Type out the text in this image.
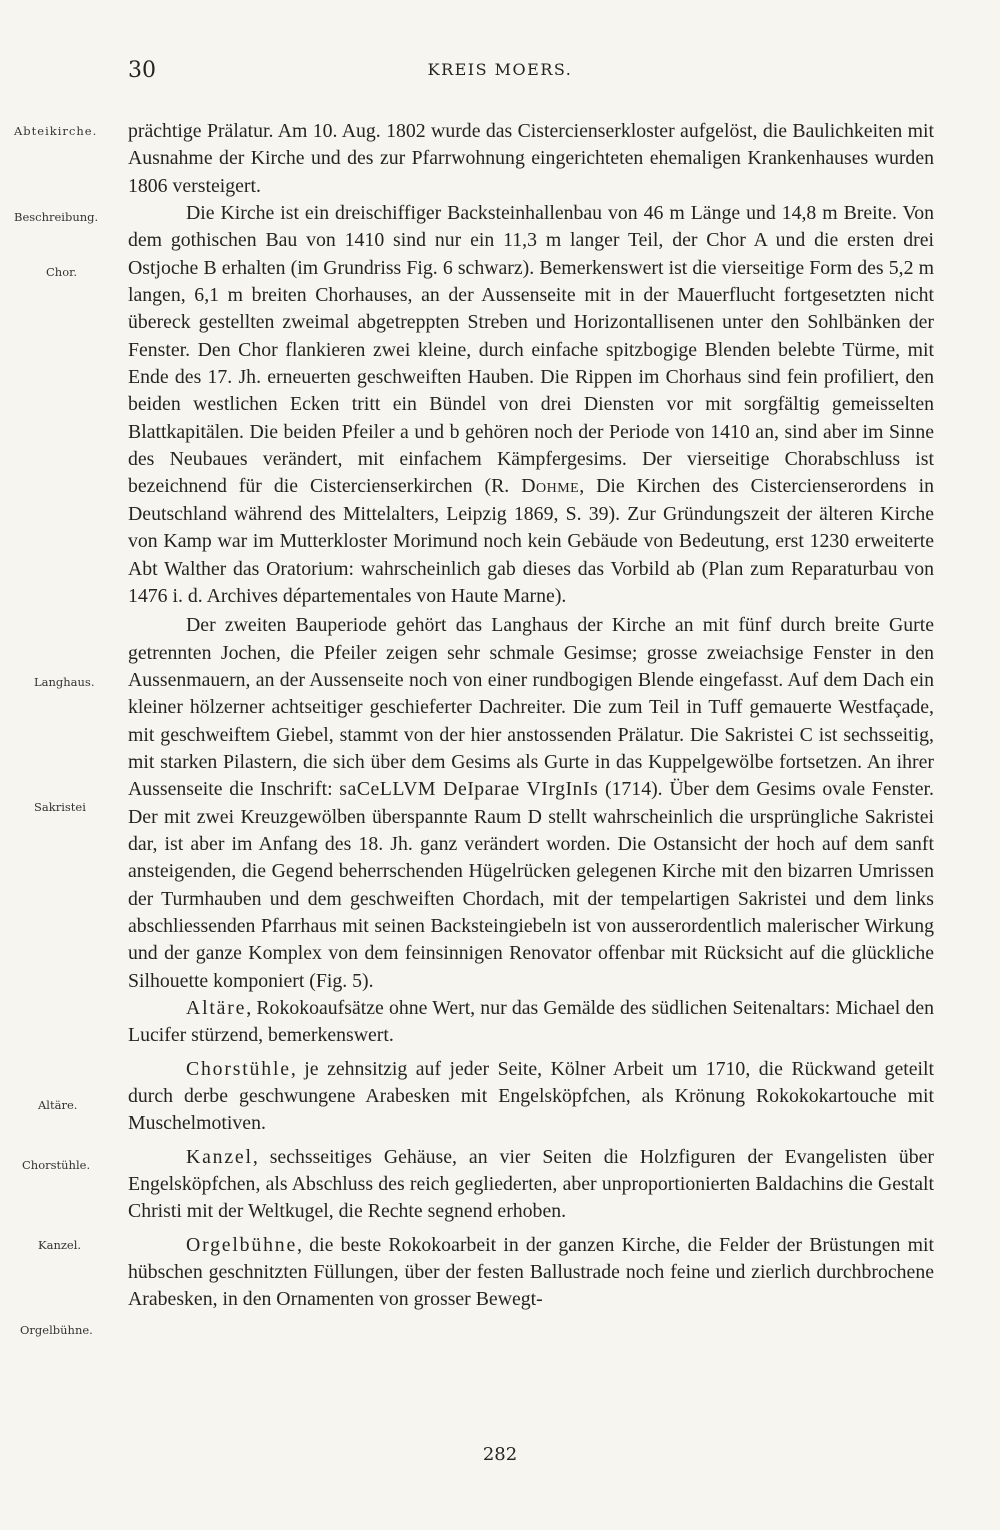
30	KREIS MOERS.
Abteikirche.
Beschreibung.
Chor.
Langhaus.
Sakristei
Altäre.
Chorstühle.
Kanzel.
Orgelbühne.

prächtige Prälatur. Am 10. Aug. 1802 wurde das Cistercienserkloster aufgelöst, die Baulichkeiten mit Ausnahme der Kirche und des zur Pfarrwohnung eingerichteten ehemaligen Krankenhauses wurden 1806 versteigert.

Die Kirche ist ein dreischiffiger Backsteinhallenbau von 46 m Länge und 14,8 m Breite. Von dem gothischen Bau von 1410 sind nur ein 11,3 m langer Teil, der Chor A und die ersten drei Ostjoche B erhalten (im Grundriss Fig. 6 schwarz). Bemerkenswert ist die vierseitige Form des 5,2 m langen, 6,1 m breiten Chorhauses, an der Aussenseite mit in der Mauerflucht fortgesetzten nicht übereck gestellten zweimal abgetreppten Streben und Horizontallisenen unter den Sohlbänken der Fenster. Den Chor flankieren zwei kleine, durch einfache spitzbogige Blenden belebte Türme, mit Ende des 17. Jh. erneuerten geschweiften Hauben. Die Rippen im Chorhaus sind fein profiliert, den beiden westlichen Ecken tritt ein Bündel von drei Diensten vor mit sorgfältig gemeisselten Blattkapitälen. Die beiden Pfeiler a und b gehören noch der Periode von 1410 an, sind aber im Sinne des Neubaues verändert, mit einfachem Kämpfergesims. Der vierseitige Chorabschluss ist bezeichnend für die Cistercienserkirchen (R. Dohme, Die Kirchen des Cistercienserordens in Deutschland während des Mittelalters, Leipzig 1869, S. 39). Zur Gründungszeit der älteren Kirche von Kamp war im Mutterkloster Morimund noch kein Gebäude von Bedeutung, erst 1230 erweiterte Abt Walther das Oratorium: wahrscheinlich gab dieses das Vorbild ab (Plan zum Reparaturbau von 1476 i. d. Archives départementales von Haute Marne).

Der zweiten Bauperiode gehört das Langhaus der Kirche an mit fünf durch breite Gurte getrennten Jochen, die Pfeiler zeigen sehr schmale Gesimse; grosse zweiachsige Fenster in den Aussenmauern, an der Aussenseite noch von einer rundbogigen Blende eingefasst. Auf dem Dach ein kleiner hölzerner achtseitiger geschieferter Dachreiter. Die zum Teil in Tuff gemauerte Westfaçade, mit geschweiftem Giebel, stammt von der hier anstossenden Prälatur. Die Sakristei C ist sechsseitig, mit starken Pilastern, die sich über dem Gesims als Gurte in das Kuppelgewölbe fortsetzen. An ihrer Aussenseite die Inschrift: saCeLLVM DeIparae VIrgInIs (1714). Über dem Gesims ovale Fenster. Der mit zwei Kreuzgewölben überspannte Raum D stellt wahrscheinlich die ursprüngliche Sakristei dar, ist aber im Anfang des 18. Jh. ganz verändert worden. Die Ostansicht der hoch auf dem sanft ansteigenden, die Gegend beherrschenden Hügelrücken gelegenen Kirche mit den bizarren Umrissen der Turmhauben und dem geschweiften Chordach, mit der tempelartigen Sakristei und dem links abschliessenden Pfarrhaus mit seinen Backsteingiebeln ist von ausserordentlich malerischer Wirkung und der ganze Komplex von dem feinsinnigen Renovator offenbar mit Rücksicht auf die glückliche Silhouette komponiert (Fig. 5).

Altäre, Rokokoaufsätze ohne Wert, nur das Gemälde des südlichen Seitenaltars: Michael den Lucifer stürzend, bemerkenswert.

Chorstühle, je zehnsitzig auf jeder Seite, Kölner Arbeit um 1710, die Rückwand geteilt durch derbe geschwungene Arabesken mit Engelsköpfchen, als Krönung Rokokokartouche mit Muschelmotiven.

Kanzel, sechsseitiges Gehäuse, an vier Seiten die Holzfiguren der Evangelisten über Engelsköpfchen, als Abschluss des reich gegliederten, aber unproportionierten Baldachins die Gestalt Christi mit der Weltkugel, die Rechte segnend erhoben.

Orgelbühne, die beste Rokokoarbeit in der ganzen Kirche, die Felder der Brüstungen mit hübschen geschnitzten Füllungen, über der festen Ballustrade noch feine und zierlich durchbrochene Arabesken, in den Ornamenten von grosser Bewegt-

282
